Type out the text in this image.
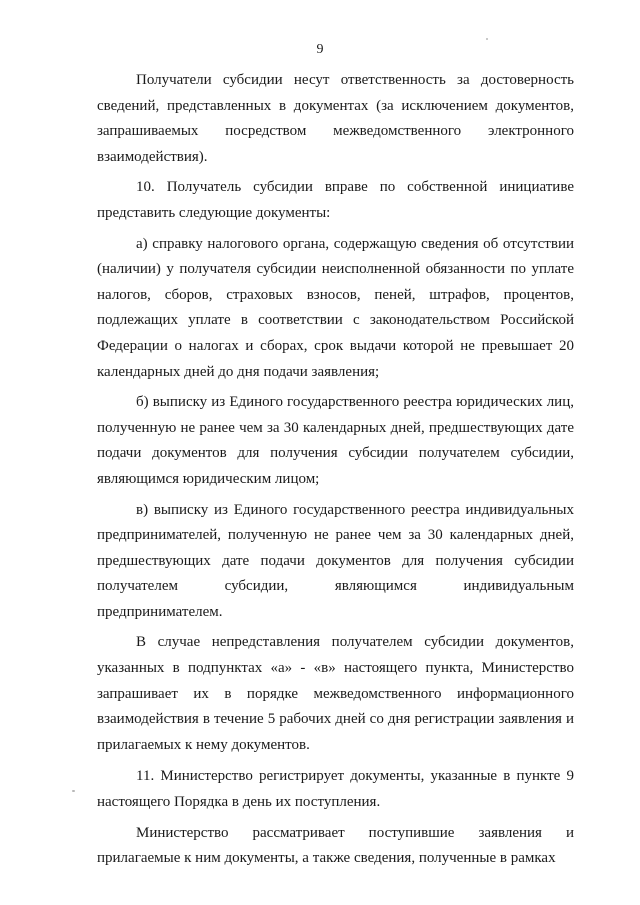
9

Получатели субсидии несут ответственность за достоверность сведений, представленных в документах (за исключением документов, запрашиваемых посредством межведомственного электронного взаимодействия).

10. Получатель субсидии вправе по собственной инициативе представить следующие документы:

а) справку налогового органа, содержащую сведения об отсутствии (наличии) у получателя субсидии неисполненной обязанности по уплате налогов, сборов, страховых взносов, пеней, штрафов, процентов, подлежащих уплате в соответствии с законодательством Российской Федерации о налогах и сборах, срок выдачи которой не превышает 20 календарных дней до дня подачи заявления;

б) выписку из Единого государственного реестра юридических лиц, полученную не ранее чем за 30 календарных дней, предшествующих дате подачи документов для получения субсидии получателем субсидии, являющимся юридическим лицом;

в) выписку из Единого государственного реестра индивидуальных предпринимателей, полученную не ранее чем за 30 календарных дней, предшествующих дате подачи документов для получения субсидии получателем субсидии, являющимся индивидуальным предпринимателем.

В случае непредставления получателем субсидии документов, указанных в подпунктах «а» - «в» настоящего пункта, Министерство запрашивает их в порядке межведомственного информационного взаимодействия в течение 5 рабочих дней со дня регистрации заявления и прилагаемых к нему документов.

11. Министерство регистрирует документы, указанные в пункте 9 настоящего Порядка в день их поступления.

Министерство рассматривает поступившие заявления и прилагаемые к ним документы, а также сведения, полученные в рамках
